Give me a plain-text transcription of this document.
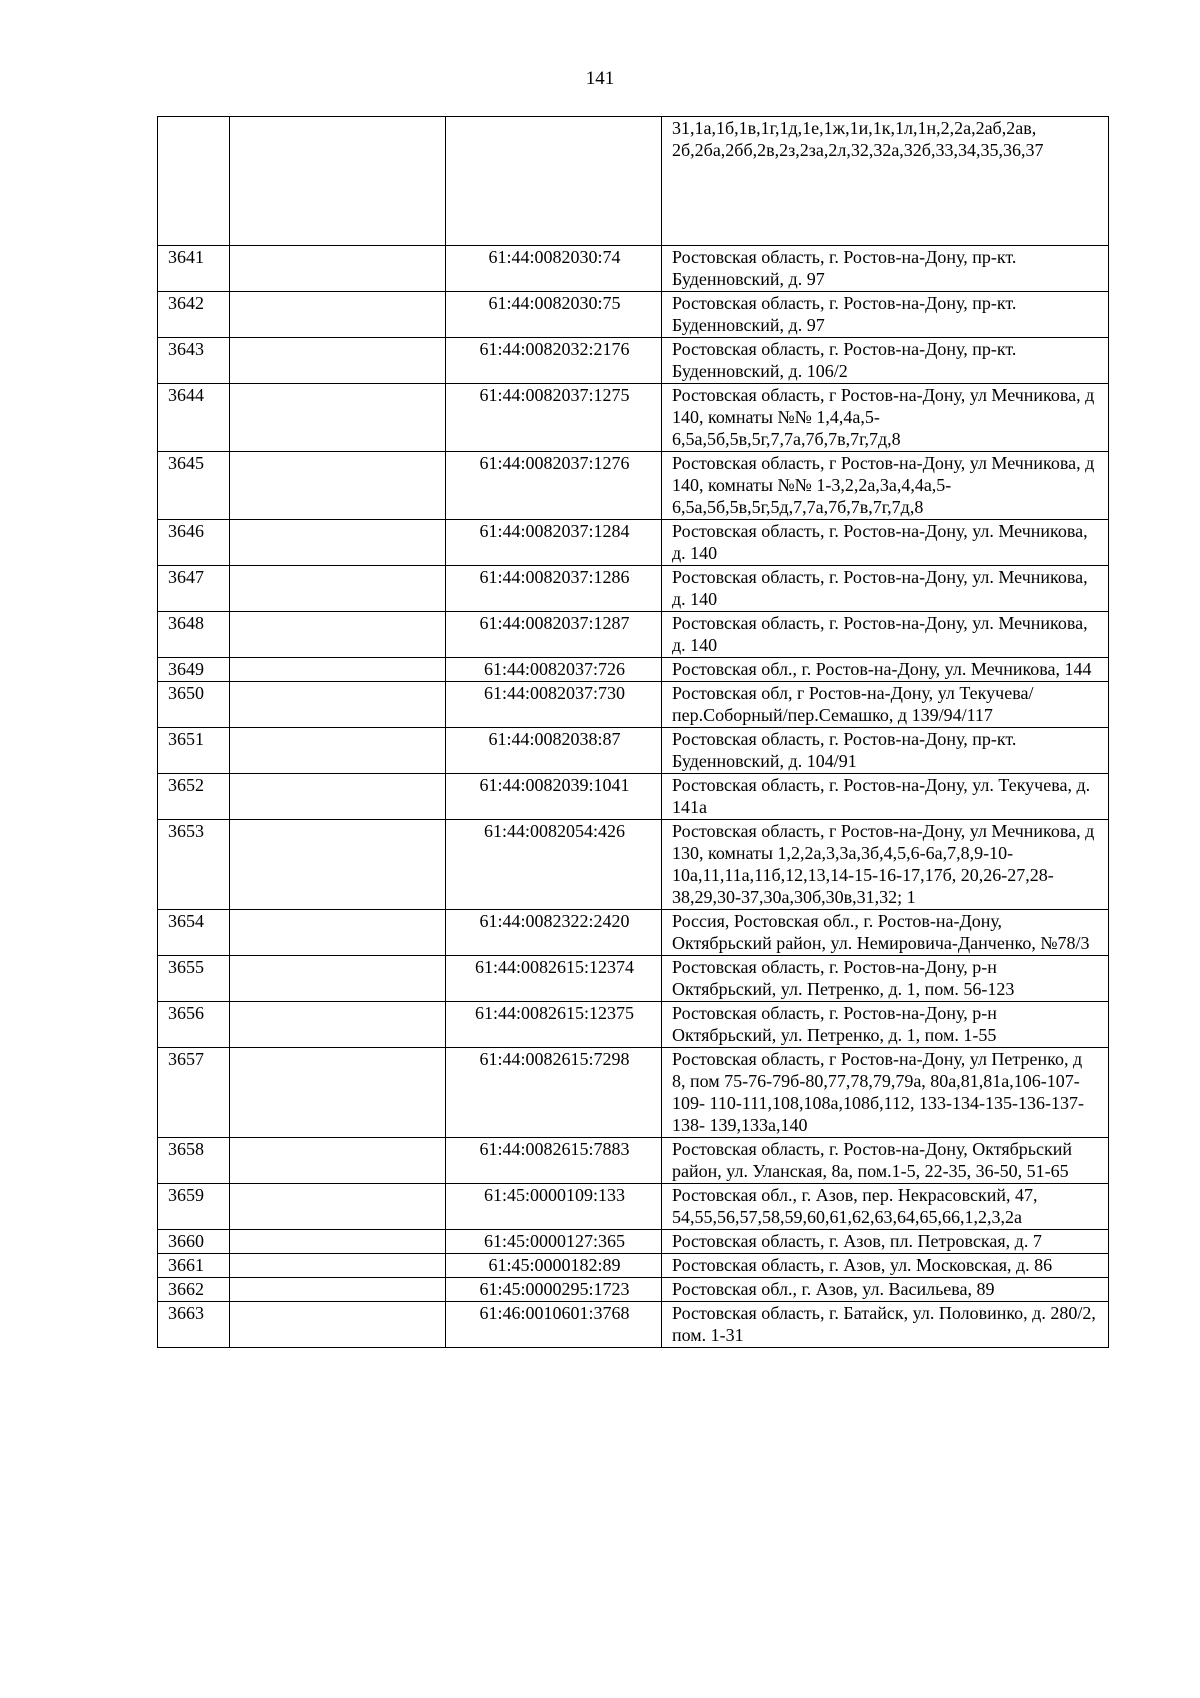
141
			31,1а,1б,1в,1г,1д,1е,1ж,1и,1к,1л,1н,2,2а,2аб,2ав, 2б,2ба,2бб,2в,2з,2за,2л,32,32а,32б,33,34,35,36,37
3641		61:44:0082030:74	Ростовская область, г. Ростов-на-Дону, пр-кт. Буденновский, д. 97
3642		61:44:0082030:75	Ростовская область, г. Ростов-на-Дону, пр-кт. Буденновский, д. 97
3643		61:44:0082032:2176	Ростовская область, г. Ростов-на-Дону, пр-кт. Буденновский, д. 106/2
3644		61:44:0082037:1275	Ростовская область, г Ростов-на-Дону, ул Мечникова, д 140, комнаты №№ 1,4,4а,5-6,5а,5б,5в,5г,7,7а,7б,7в,7г,7д,8
3645		61:44:0082037:1276	Ростовская область, г Ростов-на-Дону, ул Мечникова, д 140, комнаты №№ 1-3,2,2а,3а,4,4а,5-6,5а,5б,5в,5г,5д,7,7а,7б,7в,7г,7д,8
3646		61:44:0082037:1284	Ростовская область, г. Ростов-на-Дону, ул. Мечникова, д. 140
3647		61:44:0082037:1286	Ростовская область, г. Ростов-на-Дону, ул. Мечникова, д. 140
3648		61:44:0082037:1287	Ростовская область, г. Ростов-на-Дону, ул. Мечникова, д. 140
3649		61:44:0082037:726	Ростовская обл., г. Ростов-на-Дону, ул. Мечникова, 144
3650		61:44:0082037:730	Ростовская обл, г Ростов-на-Дону, ул Текучева/пер.Соборный/пер.Семашко, д 139/94/117
3651		61:44:0082038:87	Ростовская область, г. Ростов-на-Дону, пр-кт. Буденновский, д. 104/91
3652		61:44:0082039:1041	Ростовская область, г. Ростов-на-Дону, ул. Текучева, д. 141а
3653		61:44:0082054:426	Ростовская область, г Ростов-на-Дону, ул Мечникова, д 130, комнаты 1,2,2а,3,3а,3б,4,5,6-6а,7,8,9-10-10а,11,11а,11б,12,13,14-15-16-17,17б, 20,26-27,28-38,29,30-37,30а,30б,30в,31,32; 1
3654		61:44:0082322:2420	Россия, Ростовская обл., г. Ростов-на-Дону, Октябрьский район, ул. Немировича-Данченко, №78/3
3655		61:44:0082615:12374	Ростовская область, г. Ростов-на-Дону, р-н Октябрьский, ул. Петренко, д. 1, пом. 56-123
3656		61:44:0082615:12375	Ростовская область, г. Ростов-на-Дону, р-н Октябрьский, ул. Петренко, д. 1, пом. 1-55
3657		61:44:0082615:7298	Ростовская область, г Ростов-на-Дону, ул Петренко, д 8, пом 75-76-79б-80,77,78,79,79а, 80а,81,81а,106-107-109- 110-111,108,108а,108б,112, 133-134-135-136-137-138- 139,133а,140
3658		61:44:0082615:7883	Ростовская область, г. Ростов-на-Дону, Октябрьский район, ул. Уланская, 8а, пом.1-5, 22-35, 36-50, 51-65
3659		61:45:0000109:133	Ростовская обл., г. Азов, пер. Некрасовский, 47, 54,55,56,57,58,59,60,61,62,63,64,65,66,1,2,3,2а
3660		61:45:0000127:365	Ростовская область, г. Азов, пл. Петровская, д. 7
3661		61:45:0000182:89	Ростовская область, г. Азов, ул. Московская, д. 86
3662		61:45:0000295:1723	Ростовская обл., г. Азов, ул. Васильева, 89
3663		61:46:0010601:3768	Ростовская область, г. Батайск, ул. Половинко, д. 280/2, пом. 1-31
